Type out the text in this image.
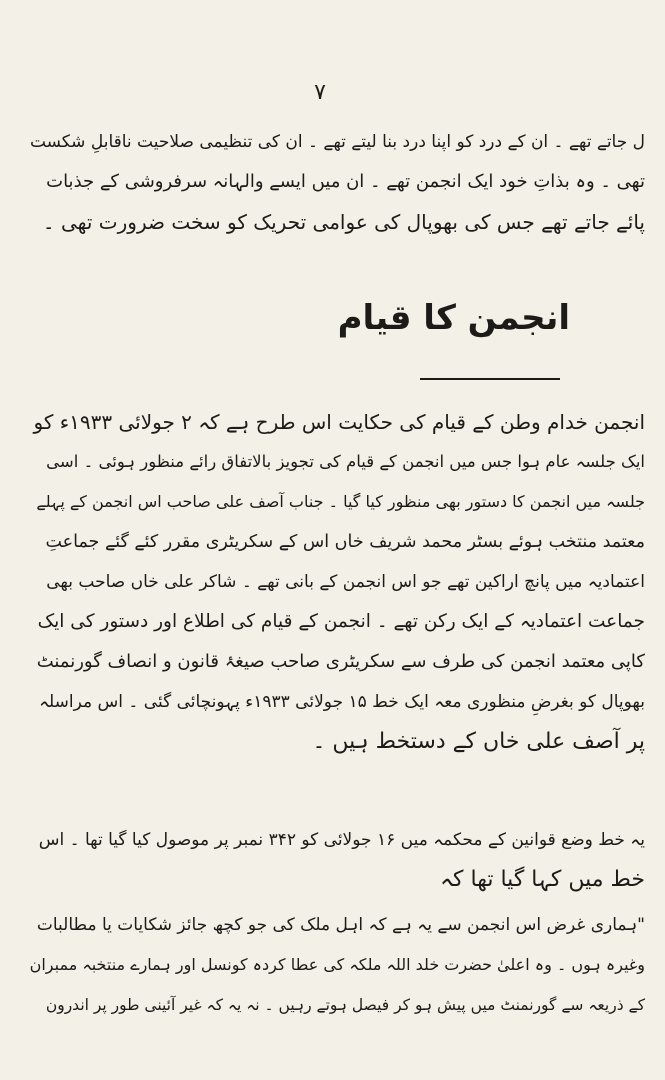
۷
ل جاتے تھے ۔ ان کے درد کو اپنا درد بنا لیتے تھے ۔ ان کی تنظیمی صلاحیت ناقابلِ شکست
تھی ۔ وہ بذاتِ خود ایک انجمن تھے ۔ ان میں ایسے والہانہ سرفروشی کے جذبات
پائے جاتے تھے جس کی بھوپال کی عوامی تحریک کو سخت ضرورت تھی ۔
انجمن کا قیام
انجمن خدام وطن کے قیام کی حکایت اس طرح ہے کہ ۲ جولائی ۱۹۳۳ء کو
ایک جلسہ عام ہوا جس میں انجمن کے قیام کی تجویز بالاتفاق رائے منظور ہوئی ۔ اسی
جلسہ میں انجمن کا دستور بھی منظور کیا گیا ۔ جناب آصف علی صاحب اس انجمن کے پہلے
معتمد منتخب ہوئے بسٹر محمد شریف خاں اس کے سکریٹری مقرر کئے گئے جماعتِ
اعتمادیہ میں پانچ اراکین تھے جو اس انجمن کے بانی تھے ۔ شاکر علی خاں صاحب بھی
جماعت اعتمادیہ کے ایک رکن تھے ۔ انجمن کے قیام کی اطلاع اور دستور کی ایک
کاپی معتمد انجمن کی طرف سے سکریٹری صاحب صیغۂ قانون و انصاف گورنمنٹ
بھوپال کو بغرضِ منظوری معہ ایک خط ۱۵ جولائی ۱۹۳۳ء پہونچائی گئی ۔ اس مراسلہ
پر آصف علی خاں کے دستخط ہیں ۔
یہ خط وضع قوانین کے محکمہ میں ۱۶ جولائی کو ۳۴۲ نمبر پر موصول کیا گیا تھا ۔ اس
خط میں کہا گیا تھا کہ
"ہماری غرض اس انجمن سے یہ ہے کہ اہل ملک کی جو کچھ جائز شکایات یا مطالبات
وغیرہ ہوں ۔ وہ اعلیٰ حضرت خلد اللہ ملکہ کی عطا کردہ کونسل اور ہمارے منتخبہ ممبران
کے ذریعہ سے گورنمنٹ میں پیش ہو کر فیصل ہوتے رہیں ۔ نہ یہ کہ غیر آئینی طور پر اندرون
